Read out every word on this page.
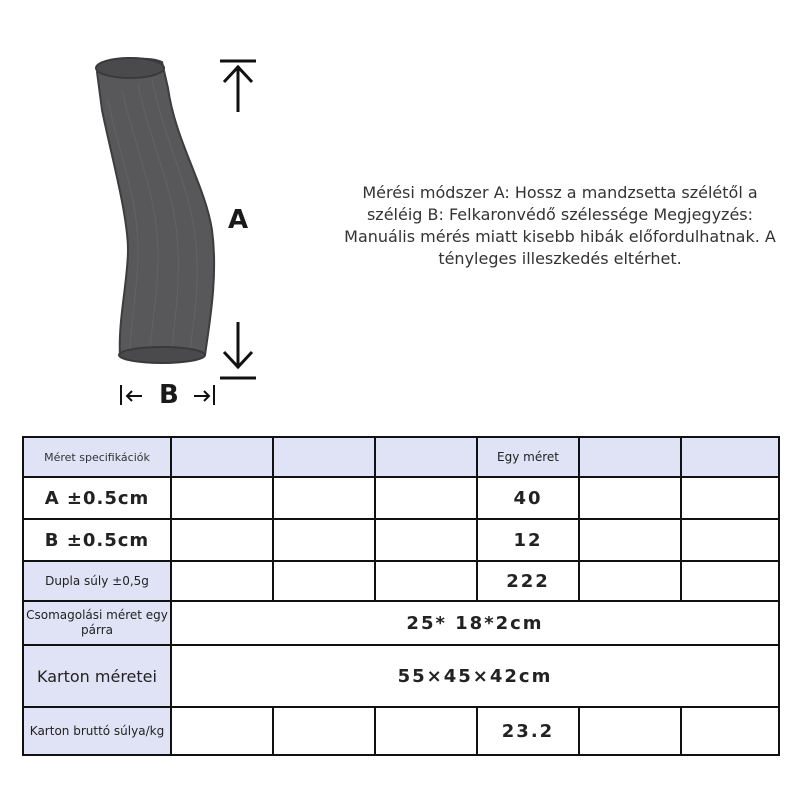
A
B
Mérési módszer A: Hossz a mandzsetta szélétől a széléig B: Felkaronvédő szélessége Megjegyzés: Manuális mérés miatt kisebb hibák előfordulhatnak. A tényleges illeszkedés eltérhet.
Méret specifikációk				Egy méret		
A ±0.5cm				40		
B ±0.5cm				12		
Dupla súly ±0,5g				222		
Csomagolási méret egy párra	25* 18*2cm					
Karton méretei	55×45×42cm					
Karton bruttó súlya/kg				23.2		
